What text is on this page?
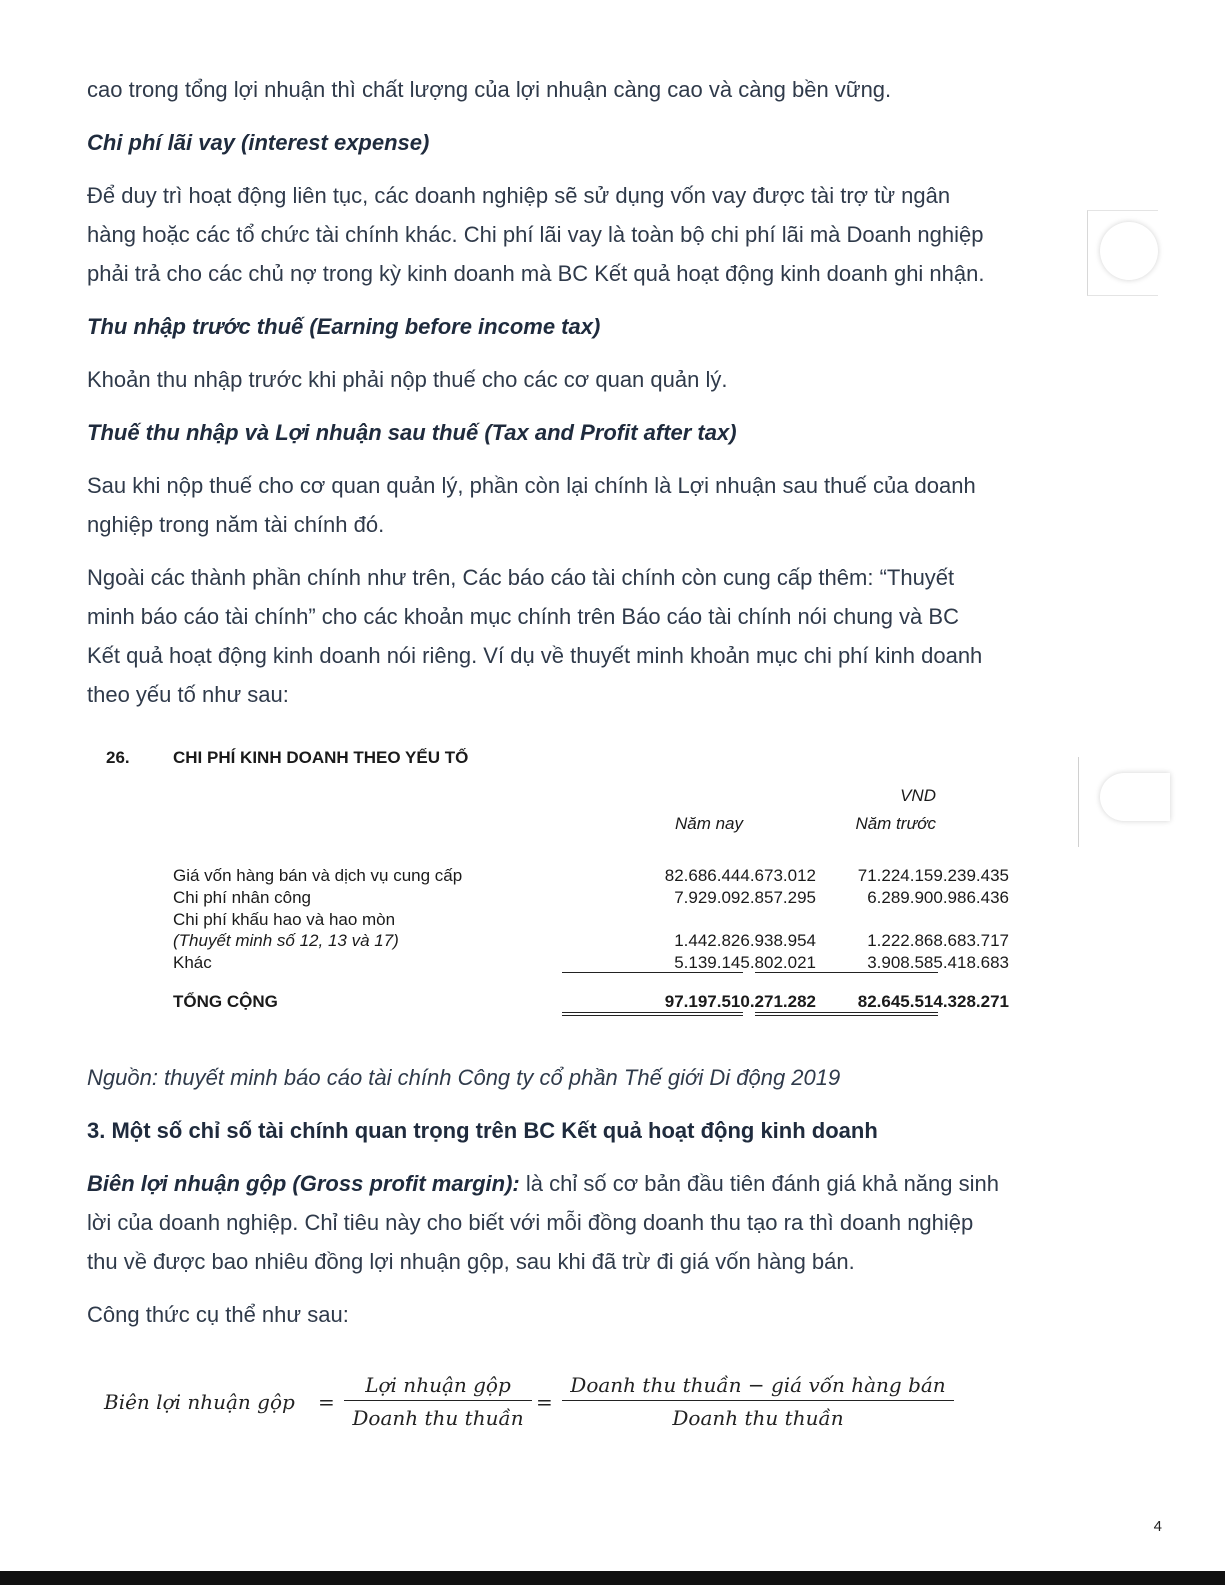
cao trong tổng lợi nhuận thì chất lượng của lợi nhuận càng cao và càng bền vững.

Chi phí lãi vay (interest expense)

Để duy trì hoạt động liên tục, các doanh nghiệp sẽ sử dụng vốn vay được tài trợ từ ngân
hàng hoặc các tổ chức tài chính khác. Chi phí lãi vay là toàn bộ chi phí lãi mà Doanh nghiệp
phải trả cho các chủ nợ trong kỳ kinh doanh mà BC Kết quả hoạt động kinh doanh ghi nhận.

Thu nhập trước thuế (Earning before income tax)

Khoản thu nhập trước khi phải nộp thuế cho các cơ quan quản lý.

Thuế thu nhập và Lợi nhuận sau thuế (Tax and Profit after tax)

Sau khi nộp thuế cho cơ quan quản lý, phần còn lại chính là Lợi nhuận sau thuế của doanh
nghiệp trong năm tài chính đó.

Ngoài các thành phần chính như trên, Các báo cáo tài chính còn cung cấp thêm: “Thuyết
minh báo cáo tài chính” cho các khoản mục chính trên Báo cáo tài chính nói chung và BC
Kết quả hoạt động kinh doanh nói riêng. Ví dụ về thuyết minh khoản mục chi phí kinh doanh
theo yếu tố như sau:

26.	CHI PHÍ KINH DOANH THEO YẾU TỐ
VND
Năm nay	Năm trước
Giá vốn hàng bán và dịch vụ cung cấp	82.686.444.673.012	71.224.159.239.435
Chi phí nhân công	7.929.092.857.295	6.289.900.986.436
Chi phí khấu hao và hao mòn
(Thuyết minh số 12, 13 và 17)	1.442.826.938.954	1.222.868.683.717
Khác	5.139.145.802.021	3.908.585.418.683
TỔNG CỘNG	97.197.510.271.282	82.645.514.328.271

Nguồn: thuyết minh báo cáo tài chính Công ty cổ phần Thế giới Di động 2019

3. Một số chỉ số tài chính quan trọng trên BC Kết quả hoạt động kinh doanh

Biên lợi nhuận gộp (Gross profit margin): là chỉ số cơ bản đầu tiên đánh giá khả năng sinh
lời của doanh nghiệp. Chỉ tiêu này cho biết với mỗi đồng doanh thu tạo ra thì doanh nghiệp
thu về được bao nhiêu đồng lợi nhuận gộp, sau khi đã trừ đi giá vốn hàng bán.

Công thức cụ thể như sau:

Biên lợi nhuận gộp =
Lợi nhuận gộp
Doanh thu thuần
=
Doanh thu thuần − giá vốn hàng bán
Doanh thu thuần
4
